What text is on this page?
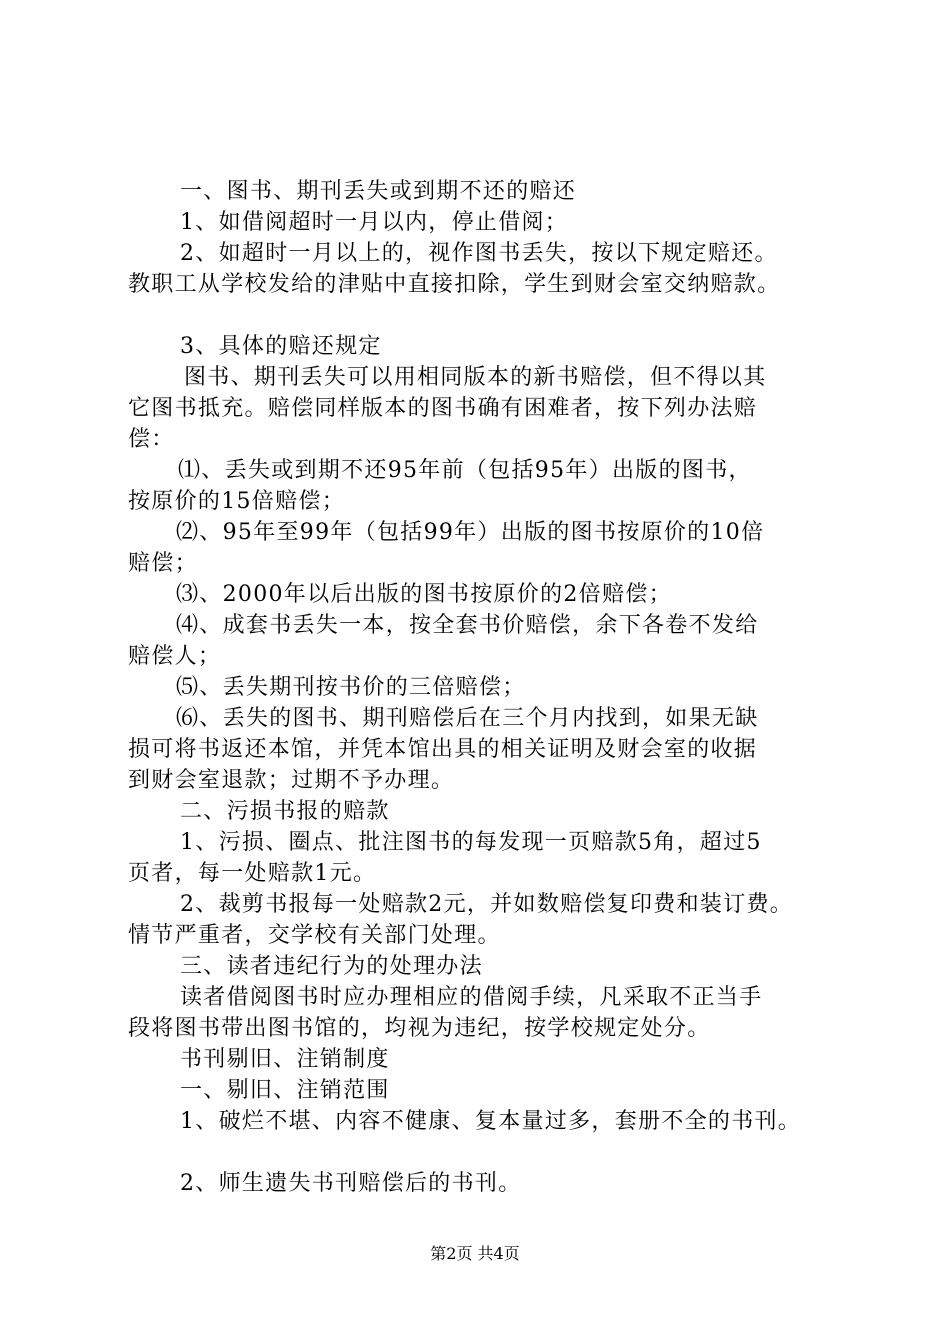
一、图书、期刊丢失或到期不还的赔还
1、如借阅超时一月以内，停止借阅；
2、如超时一月以上的，视作图书丢失，按以下规定赔还。
教职工从学校发给的津贴中直接扣除，学生到财会室交纳赔款。
3、具体的赔还规定
图书、期刊丢失可以用相同版本的新书赔偿，但不得以其
它图书抵充。赔偿同样版本的图书确有困难者，按下列办法赔
偿：
⑴、丢失或到期不还95年前（包括95年）出版的图书，
按原价的15倍赔偿；
⑵、95年至99年（包括99年）出版的图书按原价的10倍
赔偿；
⑶、2000年以后出版的图书按原价的2倍赔偿；
⑷、成套书丢失一本，按全套书价赔偿，余下各卷不发给
赔偿人；
⑸、丢失期刊按书价的三倍赔偿；
⑹、丢失的图书、期刊赔偿后在三个月内找到，如果无缺
损可将书返还本馆，并凭本馆出具的相关证明及财会室的收据
到财会室退款；过期不予办理。
二、污损书报的赔款
1、污损、圈点、批注图书的每发现一页赔款5角，超过5
页者，每一处赔款1元。
2、裁剪书报每一处赔款2元，并如数赔偿复印费和装订费。
情节严重者，交学校有关部门处理。
三、读者违纪行为的处理办法
读者借阅图书时应办理相应的借阅手续，凡采取不正当手
段将图书带出图书馆的，均视为违纪，按学校规定处分。
书刊剔旧、注销制度
一、剔旧、注销范围
1、破烂不堪、内容不健康、复本量过多，套册不全的书刊。
2、师生遗失书刊赔偿后的书刊。
第2页 共4页
